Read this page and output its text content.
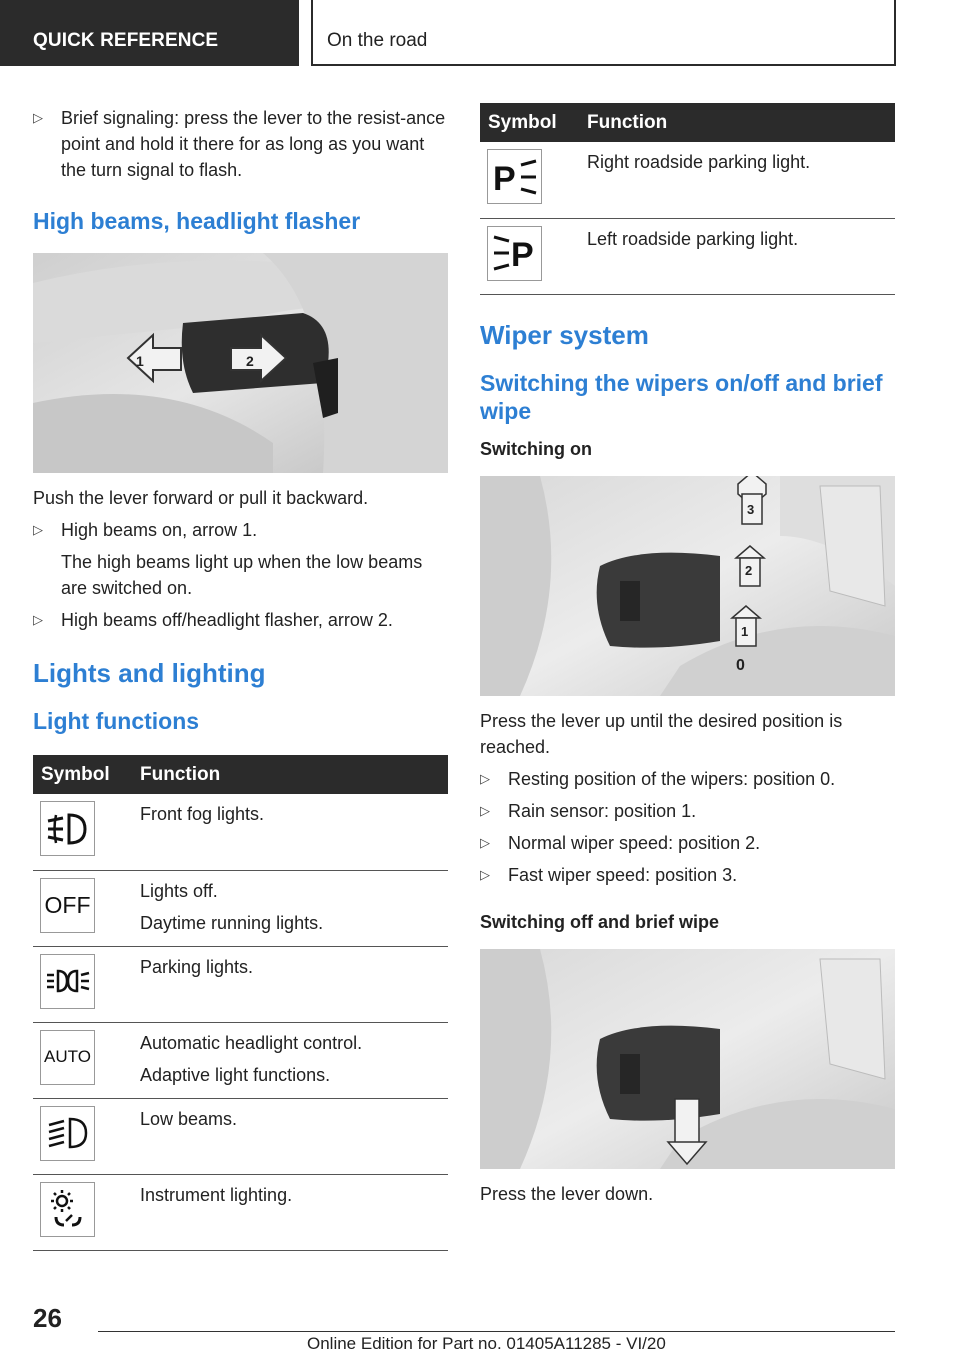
QUICK REFERENCE	On the road
▷ Brief signaling: press the lever to the resist-ance point and hold it there for as long as you want the turn signal to flash.
High beams, headlight flasher
1	2
Push the lever forward or pull it backward.
▷ High beams on, arrow 1.
The high beams light up when the low beams are switched on.
▷ High beams off/headlight flasher, arrow 2.
Lights and lighting
Light functions
Symbol	Function

Front fog lights.

OFF	Lights off.
Daytime running lights.

Parking lights.

AUTO	Automatic headlight control.
Adaptive light functions.

Low beams.

Instrument lighting.
Symbol	Function

P	Right roadside parking light.

P	Left roadside parking light.
Wiper system
Switching the wipers on/off and brief wipe
Switching on
3
2
1
0
Press the lever up until the desired position is reached.
▷ Resting position of the wipers: position 0.
▷ Rain sensor: position 1.
▷ Normal wiper speed: position 2.
▷ Fast wiper speed: position 3.
Switching off and brief wipe
Press the lever down.
26
Online Edition for Part no. 01405A11285 - VI/20
